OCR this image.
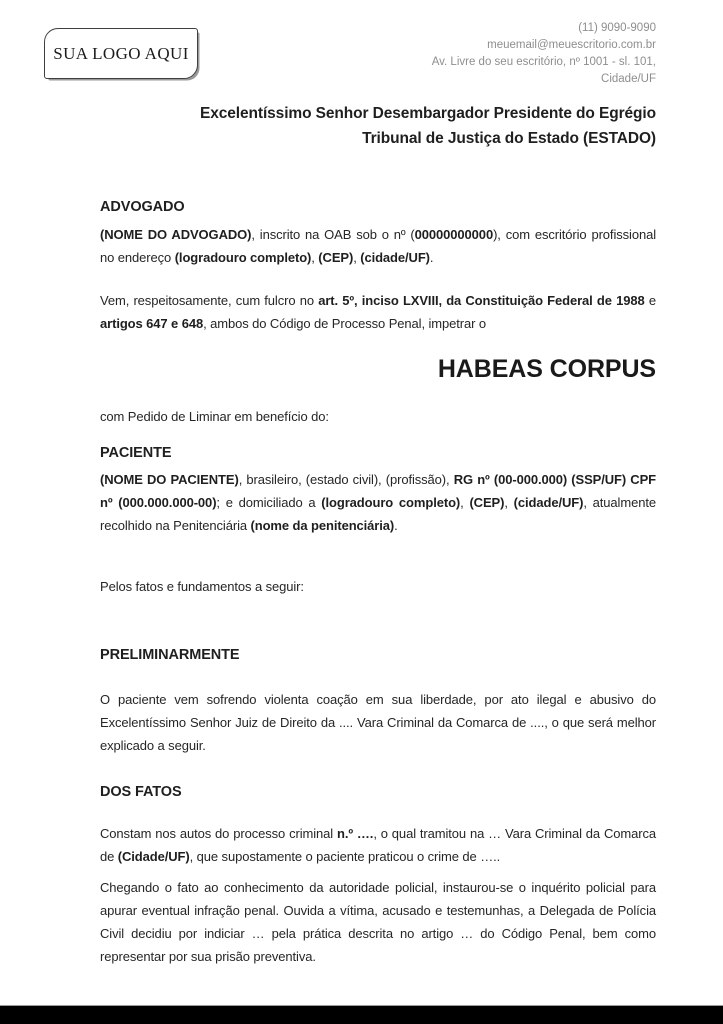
SUA LOGO AQUI
(11) 9090-9090
meuemail@meuescritorio.com.br
Av. Livre do seu escritório, nº 1001 - sl. 101,
Cidade/UF
Excelentíssimo Senhor Desembargador Presidente do Egrégio
Tribunal de Justiça do Estado (ESTADO)
ADVOGADO

(NOME DO ADVOGADO), inscrito na OAB sob o nº (00000000000), com escritório profissional no endereço (logradouro completo), (CEP), (cidade/UF).

Vem, respeitosamente, cum fulcro no art. 5º, inciso LXVIII, da Constituição Federal de 1988 e artigos 647 e 648, ambos do Código de Processo Penal, impetrar o

HABEAS CORPUS

com Pedido de Liminar em benefício do:

PACIENTE

(NOME DO PACIENTE), brasileiro, (estado civil), (profissão), RG nº (00-000.000) (SSP/UF) CPF nº (000.000.000-00); e domiciliado a (logradouro completo), (CEP), (cidade/UF), atualmente recolhido na Penitenciária (nome da penitenciária).

Pelos fatos e fundamentos a seguir:

PRELIMINARMENTE

O paciente vem sofrendo violenta coação em sua liberdade, por ato ilegal e abusivo do Excelentíssimo Senhor Juiz de Direito da .... Vara Criminal da Comarca de ...., o que será melhor explicado a seguir.

DOS FATOS

Constam nos autos do processo criminal n.º …., o qual tramitou na … Vara Criminal da Comarca de (Cidade/UF), que supostamente o paciente praticou o crime de …..

Chegando o fato ao conhecimento da autoridade policial, instaurou-se o inquérito policial para apurar eventual infração penal. Ouvida a vítima, acusado e testemunhas, a Delegada de Polícia Civil decidiu por indiciar … pela prática descrita no artigo … do Código Penal, bem como representar por sua prisão preventiva.
